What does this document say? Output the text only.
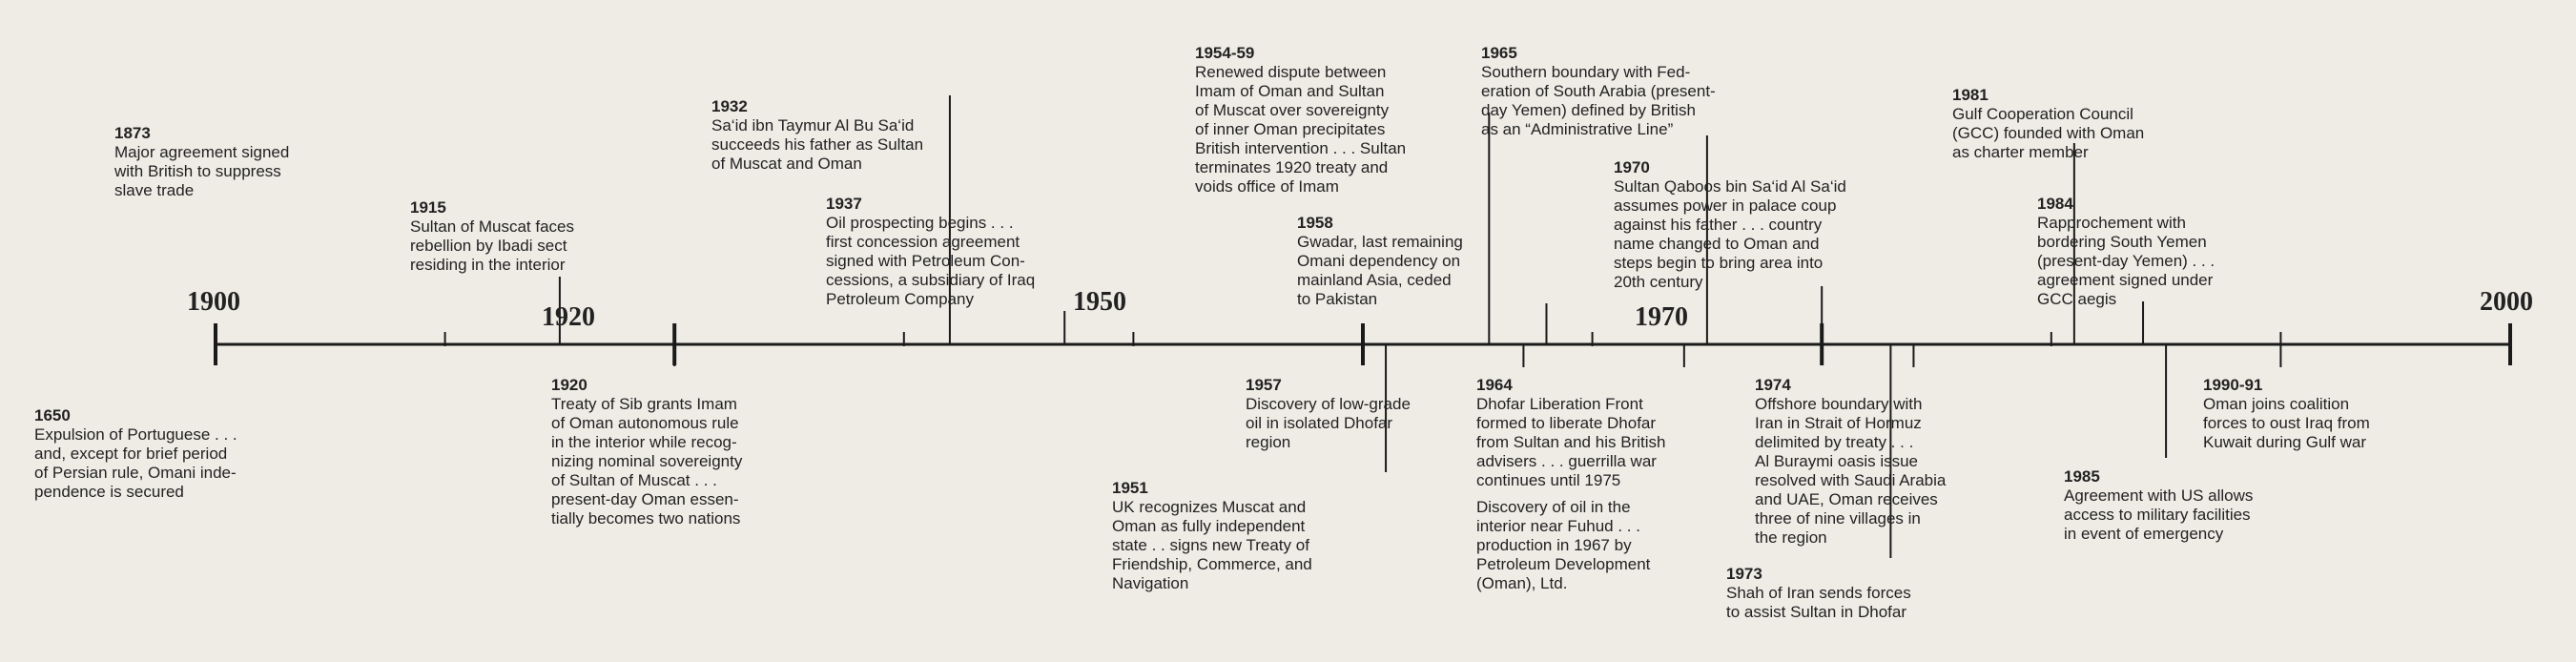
1900
1920
1950
1970
2000
1873
Major agreement signed
with British to suppress
slave trade
1915
Sultan of Muscat faces
rebellion by Ibadi sect
residing in the interior
1932
Sa‘id ibn Taymur Al Bu Sa‘id
succeeds his father as Sultan
of Muscat and Oman
1937
Oil prospecting begins . . .
first concession agreement
signed with Petroleum Con-
cessions, a subsidiary of Iraq
Petroleum Company
1954-59
Renewed dispute between
Imam of Oman and Sultan
of Muscat over sovereignty
of inner Oman precipitates
British intervention . . . Sultan
terminates 1920 treaty and
voids office of Imam
1958
Gwadar, last remaining
Omani dependency on
mainland Asia, ceded
to Pakistan
1965
Southern boundary with Fed-
eration of South Arabia (present-
day Yemen) defined by British
as an “Administrative Line”
1970
Sultan Qaboos bin Sa‘id Al Sa‘id
assumes power in palace coup
against his father . . . country
name changed to Oman and
steps begin to bring area into
20th century
1981
Gulf Cooperation Council
(GCC) founded with Oman
as charter member
1984
Rapprochement with
bordering South Yemen
(present-day Yemen) . . .
agreement signed under
GCC aegis
1650
Expulsion of Portuguese . . .
and, except for brief period
of Persian rule, Omani inde-
pendence is secured
1920
Treaty of Sib grants Imam
of Oman autonomous rule
in the interior while recog-
nizing nominal sovereignty
of Sultan of Muscat . . .
present-day Oman essen-
tially becomes two nations
1951
UK recognizes Muscat and
Oman as fully independent
state . . signs new Treaty of
Friendship, Commerce, and
Navigation
1957
Discovery of low-grade
oil in isolated Dhofar
region
1964
Dhofar Liberation Front
formed to liberate Dhofar
from Sultan and his British
advisers . . . guerrilla war
continues until 1975
Discovery of oil in the
interior near Fuhud . . .
production in 1967 by
Petroleum Development
(Oman), Ltd.
1973
Shah of Iran sends forces
to assist Sultan in Dhofar
1974
Offshore boundary with
Iran in Strait of Hormuz
delimited by treaty . . .
Al Buraymi oasis issue
resolved with Saudi Arabia
and UAE, Oman receives
three of nine villages in
the region
1985
Agreement with US allows
access to military facilities
in event of emergency
1990-91
Oman joins coalition
forces to oust Iraq from
Kuwait during Gulf war
